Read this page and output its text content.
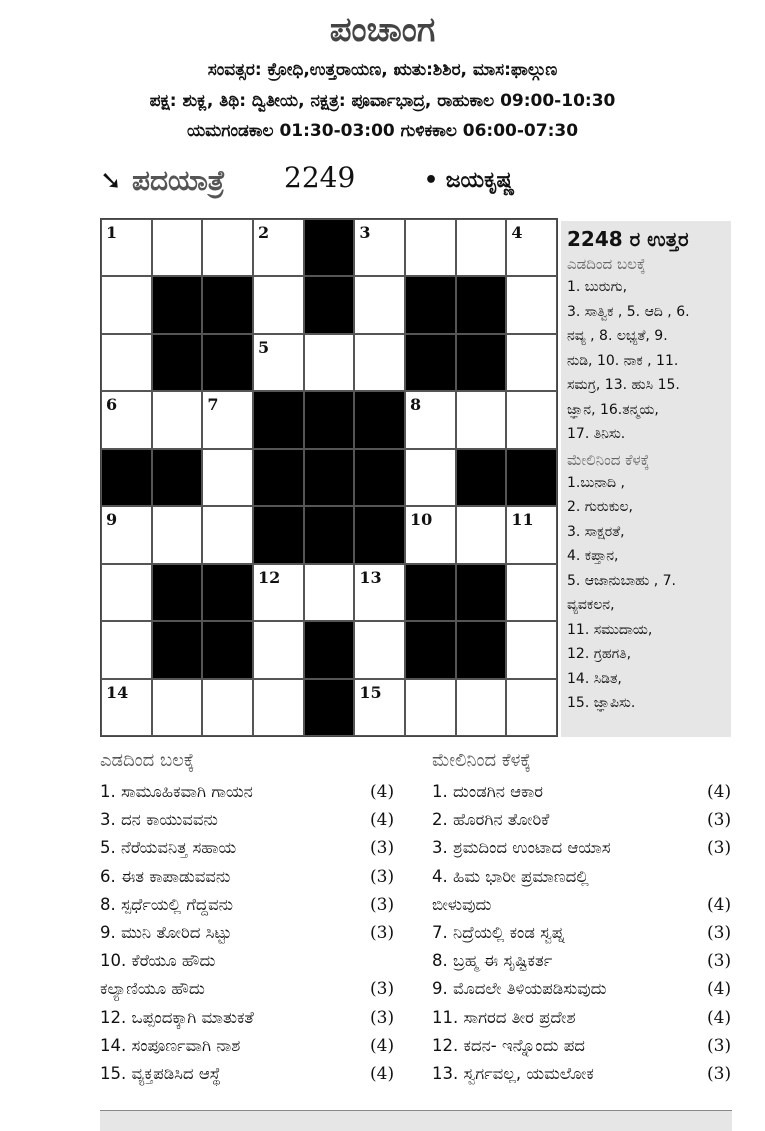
ಪಂಚಾಂಗ
ಸಂವತ್ಸರ: ಕ್ರೋಧಿ,ಉತ್ತರಾಯಣ, ಋತು:ಶಿಶಿರ, ಮಾಸ:ಫಾಲ್ಗುಣ
ಪಕ್ಷ: ಶುಕ್ಲ, ತಿಥಿ: ದ್ವಿತೀಯ, ನಕ್ಷತ್ರ: ಪೂರ್ವಾಭಾದ್ರ, ರಾಹುಕಾಲ 09:00-10:30
ಯಮಗಂಡಕಾಲ 01:30-03:00 ಗುಳಿಕಕಾಲ 06:00-07:30
➘ ಪದಯಾತ್ರೆ 2249	• ಜಯಕೃಷ್ಣ
1	2	3	4
5
6	7	8
9	10	11
12	13
14	15
2248 ರ ಉತ್ತರ
ಎಡದಿಂದ ಬಲಕ್ಕೆ
1. ಬುರುಗು,
3. ಸಾತ್ವಿಕ , 5. ಆದಿ , 6.
ನವ್ಯ , 8. ಲಭ್ಯತೆ, 9.
ನುಡಿ, 10. ನಾಕ , 11.
ಸಮಗ್ರ, 13. ಹುಸಿ 15.
ಜ್ಞಾನ, 16.ತನ್ಮಯ,
17. ತಿನಿಸು.
ಮೇಲಿನಿಂದ ಕೆಳಕ್ಕೆ
1.ಬುನಾದಿ ,
2. ಗುರುಕುಲ,
3. ಸಾಕ್ಷರತೆ,
4. ಕಪ್ತಾನ,
5. ಆಜಾನುಬಾಹು , 7.
ವ್ಯವಕಲನ,
11. ಸಮುದಾಯ,
12. ಗ್ರಹಗತಿ,
14. ಸಿಡಿತ,
15. ಜ್ಞಾಪಿಸು.
ಎಡದಿಂದ ಬಲಕ್ಕೆ	ಮೇಲಿನಿಂದ ಕೆಳಕ್ಕೆ
1. ಸಾಮೂಹಿಕವಾಗಿ ಗಾಯನ	(4)
3. ದನ ಕಾಯುವವನು	(4)
5. ನೆರೆಯವನಿತ್ತ ಸಹಾಯ	(3)
6. ಈತ ಕಾಪಾಡುವವನು	(3)
8. ಸ್ಪರ್ಧೆಯಲ್ಲಿ ಗೆದ್ದವನು	(3)
9. ಮುನಿ ತೋರಿದ ಸಿಟ್ಟು	(3)
10. ಕೆರೆಯೂ ಹೌದು
ಕಲ್ಯಾಣಿಯೂ ಹೌದು	(3)
12. ಒಪ್ಪಂದಕ್ಕಾಗಿ ಮಾತುಕತೆ	(3)
14. ಸಂಪೂರ್ಣವಾಗಿ ನಾಶ	(4)
15. ವ್ಯಕ್ತಪಡಿಸಿದ ಆಸ್ಥೆ	(4)
1. ದುಂಡಗಿನ ಆಕಾರ	(4)
2. ಹೊರಗಿನ ತೋರಿಕೆ	(3)
3. ಶ್ರಮದಿಂದ ಉಂಟಾದ ಆಯಾಸ	(3)
4. ಹಿಮ ಭಾರೀ ಪ್ರಮಾಣದಲ್ಲಿ
ಬೀಳುವುದು	(4)
7. ನಿದ್ರೆಯಲ್ಲಿ ಕಂಡ ಸ್ವಪ್ನ	(3)
8. ಬ್ರಹ್ಮ ಈ ಸೃಷ್ಟಿಕರ್ತ	(3)
9. ಮೊದಲೇ ತಿಳಿಯಪಡಿಸುವುದು	(4)
11. ಸಾಗರದ ತೀರ ಪ್ರದೇಶ	(4)
12. ಕದನ- ಇನ್ನೊಂದು ಪದ	(3)
13. ಸ್ವರ್ಗವಲ್ಲ, ಯಮಲೋಕ	(3)
